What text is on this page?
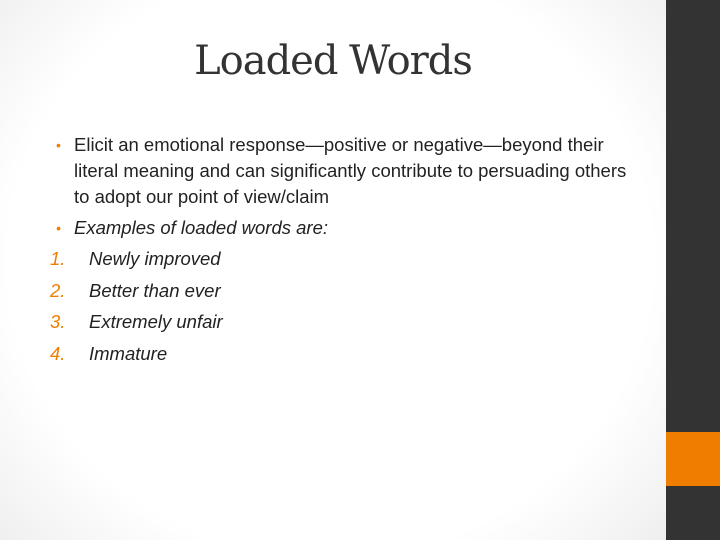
Loaded Words
• Elicit an emotional response—positive or negative—beyond their literal meaning and can significantly contribute to persuading others to adopt our point of view/claim
• Examples of loaded words are:
1. Newly improved
2. Better than ever
3. Extremely unfair
4. Immature
